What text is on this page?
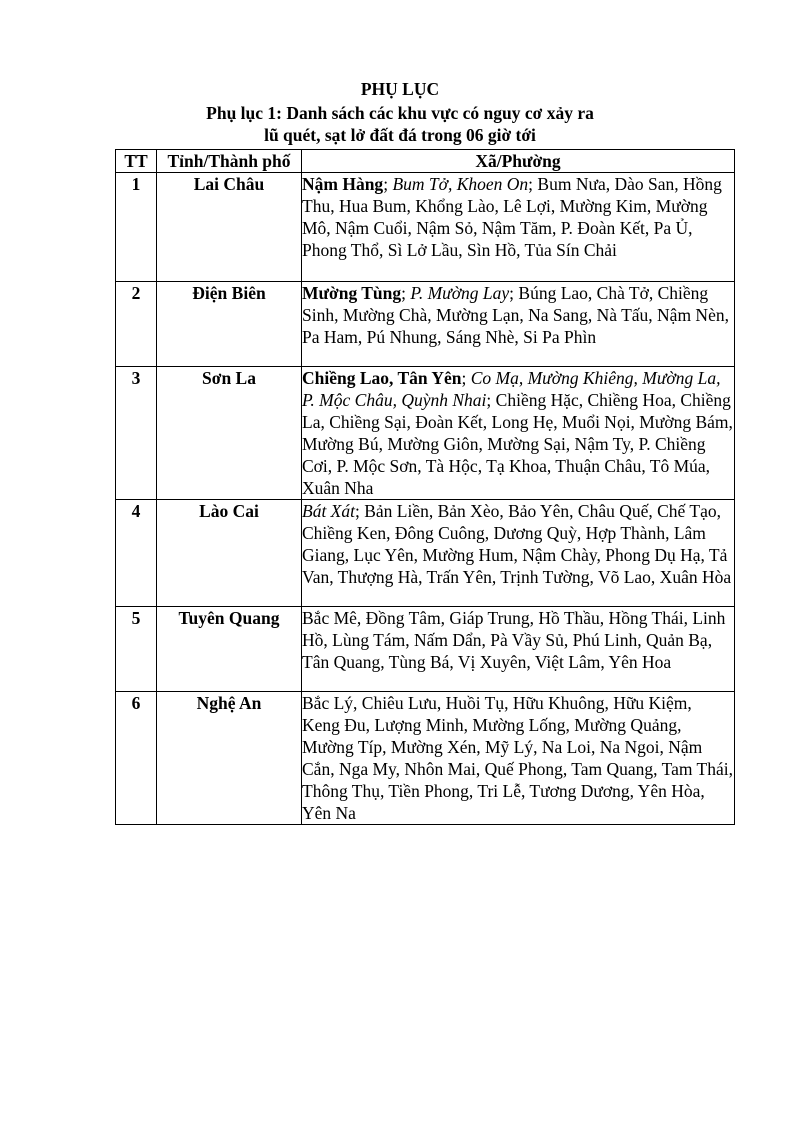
PHỤ LỤC
Phụ lục 1: Danh sách các khu vực có nguy cơ xảy ra
lũ quét, sạt lở đất đá trong 06 giờ tới
TT	Tỉnh/Thành phố	Xã/Phường
1	Lai Châu	Nậm Hàng; Bum Tở, Khoen On; Bum Nưa, Dào San, Hồng Thu, Hua Bum, Khổng Lào, Lê Lợi, Mường Kim, Mường Mô, Nậm Cuổi, Nậm Sỏ, Nậm Tăm, P. Đoàn Kết, Pa Ủ, Phong Thổ, Sì Lở Lầu, Sìn Hồ, Tủa Sín Chải
2	Điện Biên	Mường Tùng; P. Mường Lay; Búng Lao, Chà Tở, Chiềng Sinh, Mường Chà, Mường Lạn, Na Sang, Nà Tấu, Nậm Nèn, Pa Ham, Pú Nhung, Sáng Nhè, Si Pa Phìn
3	Sơn La	Chiềng Lao, Tân Yên; Co Mạ, Mường Khiêng, Mường La, P. Mộc Châu, Quỳnh Nhai; Chiềng Hặc, Chiềng Hoa, Chiềng La, Chiềng Sại, Đoàn Kết, Long Hẹ, Muổi Nọi, Mường Bám, Mường Bú, Mường Giôn, Mường Sại, Nậm Ty, P. Chiềng Cơi, P. Mộc Sơn, Tà Hộc, Tạ Khoa, Thuận Châu, Tô Múa, Xuân Nha
4	Lào Cai	Bát Xát; Bản Liền, Bản Xèo, Bảo Yên, Châu Quế, Chế Tạo, Chiềng Ken, Đông Cuông, Dương Quỳ, Hợp Thành, Lâm Giang, Lục Yên, Mường Hum, Nậm Chày, Phong Dụ Hạ, Tả Van, Thượng Hà, Trấn Yên, Trịnh Tường, Võ Lao, Xuân Hòa
5	Tuyên Quang	Bắc Mê, Đồng Tâm, Giáp Trung, Hồ Thầu, Hồng Thái, Linh Hồ, Lùng Tám, Nấm Dẩn, Pà Vầy Sủ, Phú Linh, Quản Bạ, Tân Quang, Tùng Bá, Vị Xuyên, Việt Lâm, Yên Hoa
6	Nghệ An	Bắc Lý, Chiêu Lưu, Huồi Tụ, Hữu Khuông, Hữu Kiệm, Keng Đu, Lượng Minh, Mường Lống, Mường Quảng, Mường Típ, Mường Xén, Mỹ Lý, Na Loi, Na Ngoi, Nậm Cắn, Nga My, Nhôn Mai, Quế Phong, Tam Quang, Tam Thái, Thông Thụ, Tiền Phong, Tri Lễ, Tương Dương, Yên Hòa, Yên Na
